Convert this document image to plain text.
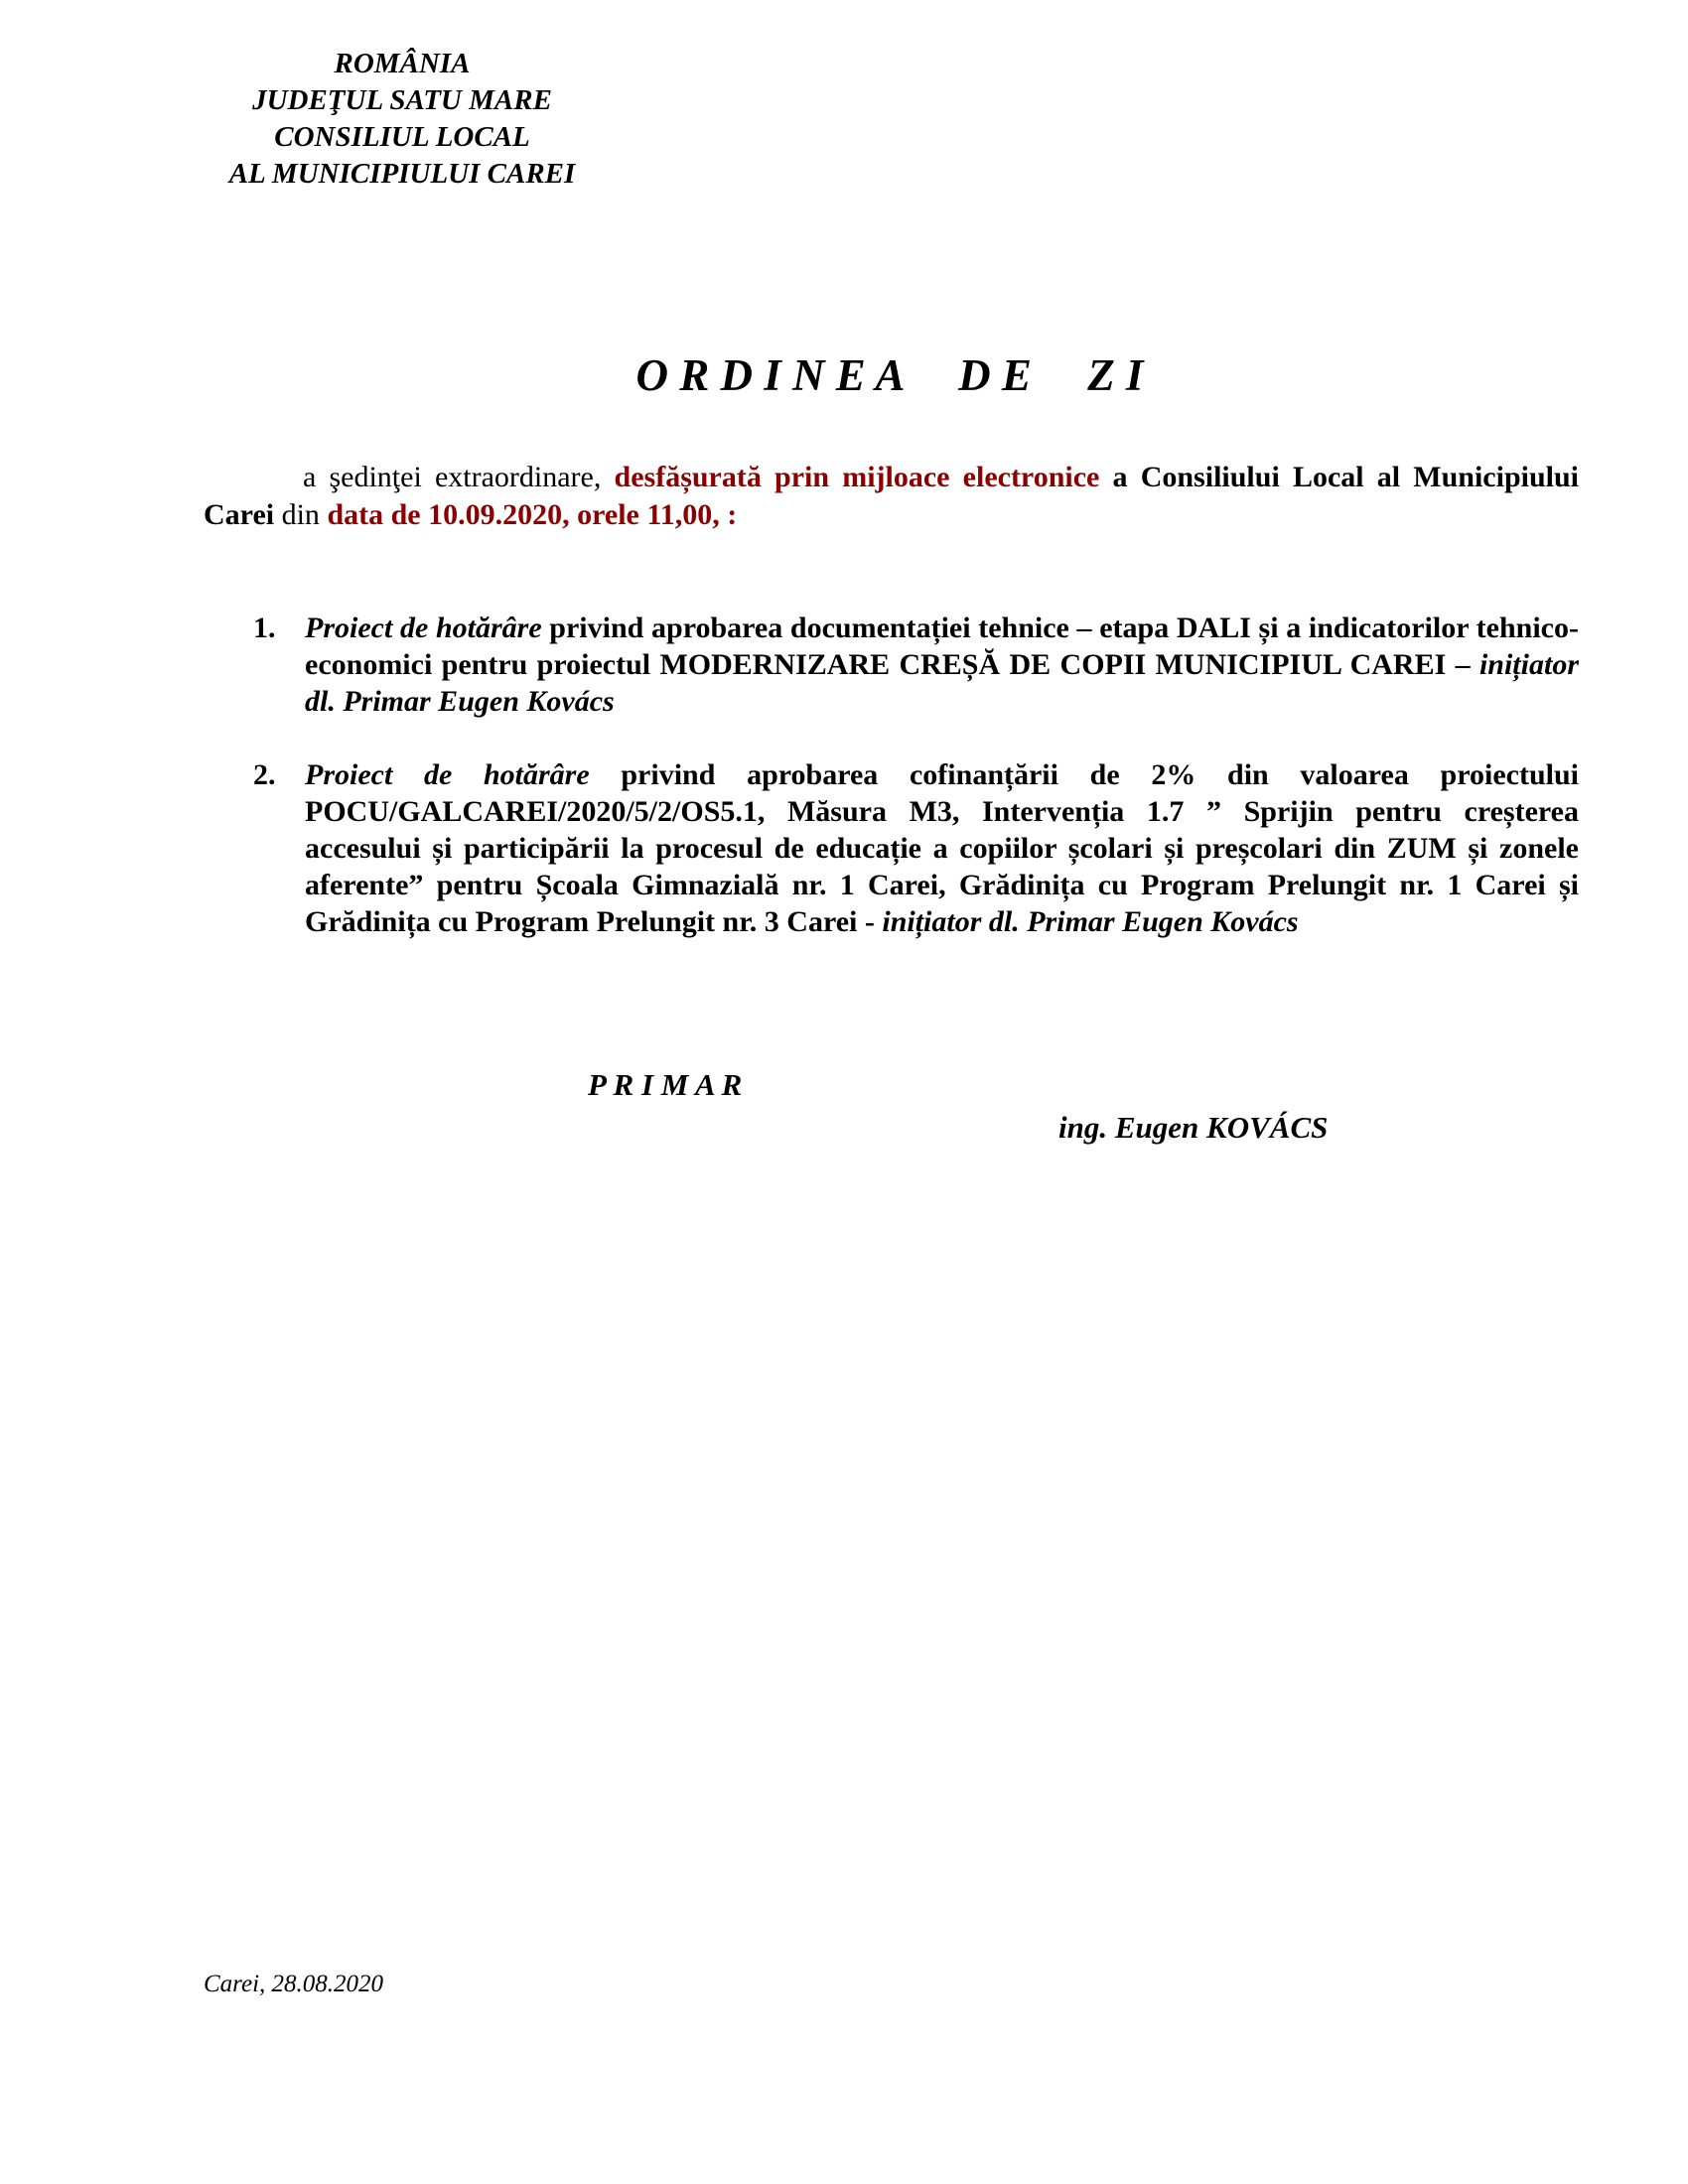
ROMÂNIA
JUDEŢUL SATU MARE
CONSILIUL LOCAL
AL MUNICIPIULUI CAREI
O R D I N E A     D E     Z I

a şedinţei extraordinare, desfășurată prin mijloace electronice a Consiliului Local al Municipiului Carei din data de 10.09.2020, orele 11,00, :

1. Proiect de hotărâre privind aprobarea documentației tehnice – etapa DALI și a indicatorilor tehnico-economici pentru proiectul MODERNIZARE CREȘĂ DE COPII MUNICIPIUL CAREI – inițiator dl. Primar Eugen Kovács
2. Proiect de hotărâre privind aprobarea cofinanțării de 2% din valoarea proiectului POCU/GALCAREI/2020/5/2/OS5.1, Măsura M3, Intervenția 1.7 ” Sprijin pentru creșterea accesului și participării la procesul de educație a copiilor școlari și preșcolari din ZUM și zonele aferente” pentru Școala Gimnazială nr. 1 Carei, Grădinița cu Program Prelungit nr. 1 Carei și Grădinița cu Program Prelungit nr. 3 Carei - inițiator dl. Primar Eugen Kovács
P R I M A R
ing. Eugen KOVÁCS
Carei, 28.08.2020
